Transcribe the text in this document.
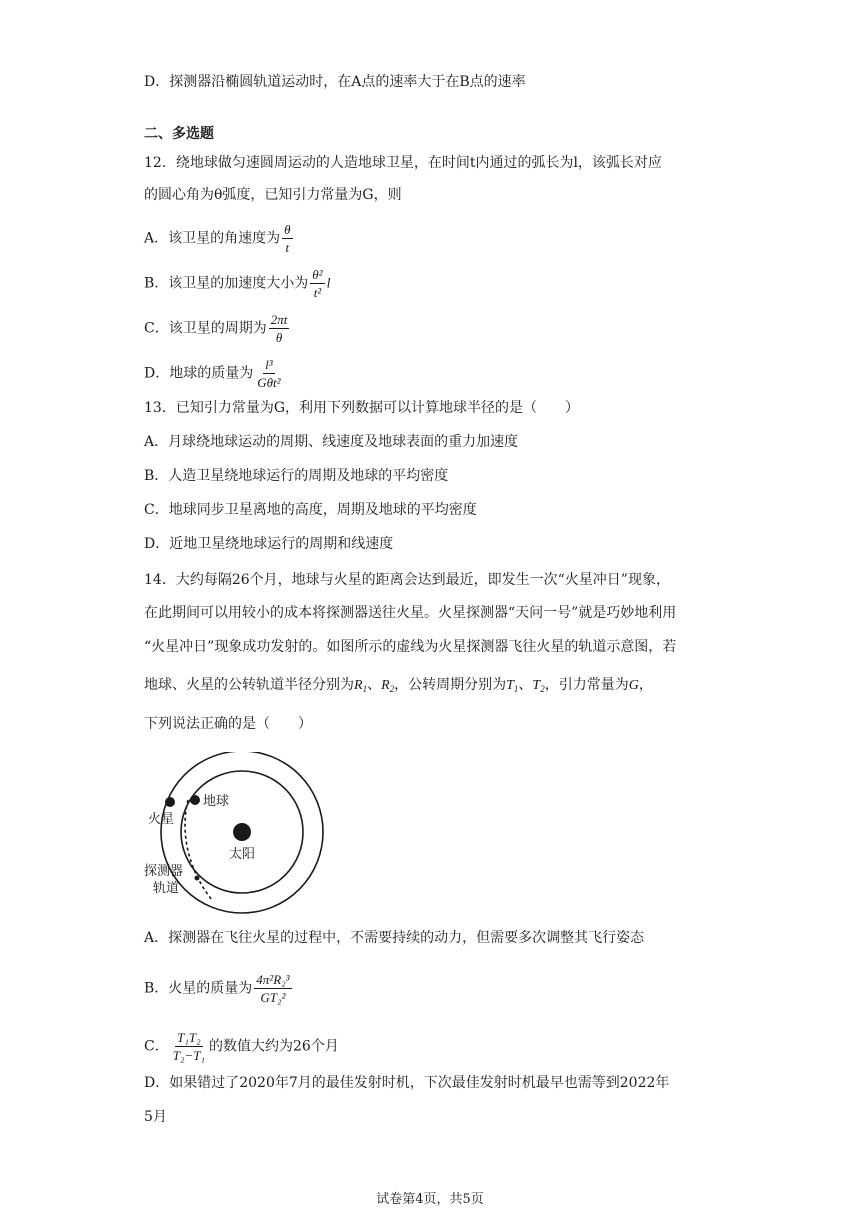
D．探测器沿椭圆轨道运动时，在A点的速率大于在B点的速率
二、多选题
12．绕地球做匀速圆周运动的人造地球卫星，在时间t内通过的弧长为l，该弧长对应
的圆心角为θ弧度，已知引力常量为G，则
A．该卫星的角速度为 $\frac{\theta}{t}$
B．该卫星的加速度大小为 $\frac{\text{θ²}}{\text{t²}}$ l
C．该卫星的周期为 $\frac{2\pi t}{\theta}$
D．地球的质量为 $\frac{\text{l³}}{\text{Gθt²}}$
13．已知引力常量为G，利用下列数据可以计算地球半径的是（　　）
A．月球绕地球运动的周期、线速度及地球表面的重力加速度
B．人造卫星绕地球运行的周期及地球的平均密度
C．地球同步卫星离地的高度，周期及地球的平均密度
D．近地卫星绕地球运行的周期和线速度
14．大约每隔26个月，地球与火星的距离会达到最近，即发生一次“火星冲日”现象，
在此期间可以用较小的成本将探测器送往火星。火星探测器“天问一号”就是巧妙地利用
“火星冲日”现象成功发射的。如图所示的虚线为火星探测器飞往火星的轨道示意图，若
地球、火星的公转轨道半径分别为$R_1$、$R_2$，公转周期分别为$T_1$、$T_2$，引力常量为G，
下列说法正确的是（　　）
地球
火星
太阳
探测器
轨道
A．探测器在飞往火星的过程中，不需要持续的动力，但需要多次调整其飞行姿态
B．火星的质量为 $\frac{\text{4π²R₂³}}{\text{GT₂²}}$
C． $\frac{\text{T₁T₂}}{\text{T₂−T₁}}$ 的数值大约为26个月
D．如果错过了2020年7月的最佳发射时机，下次最佳发射时机最早也需等到2022年
5月
试卷第4页，共5页
